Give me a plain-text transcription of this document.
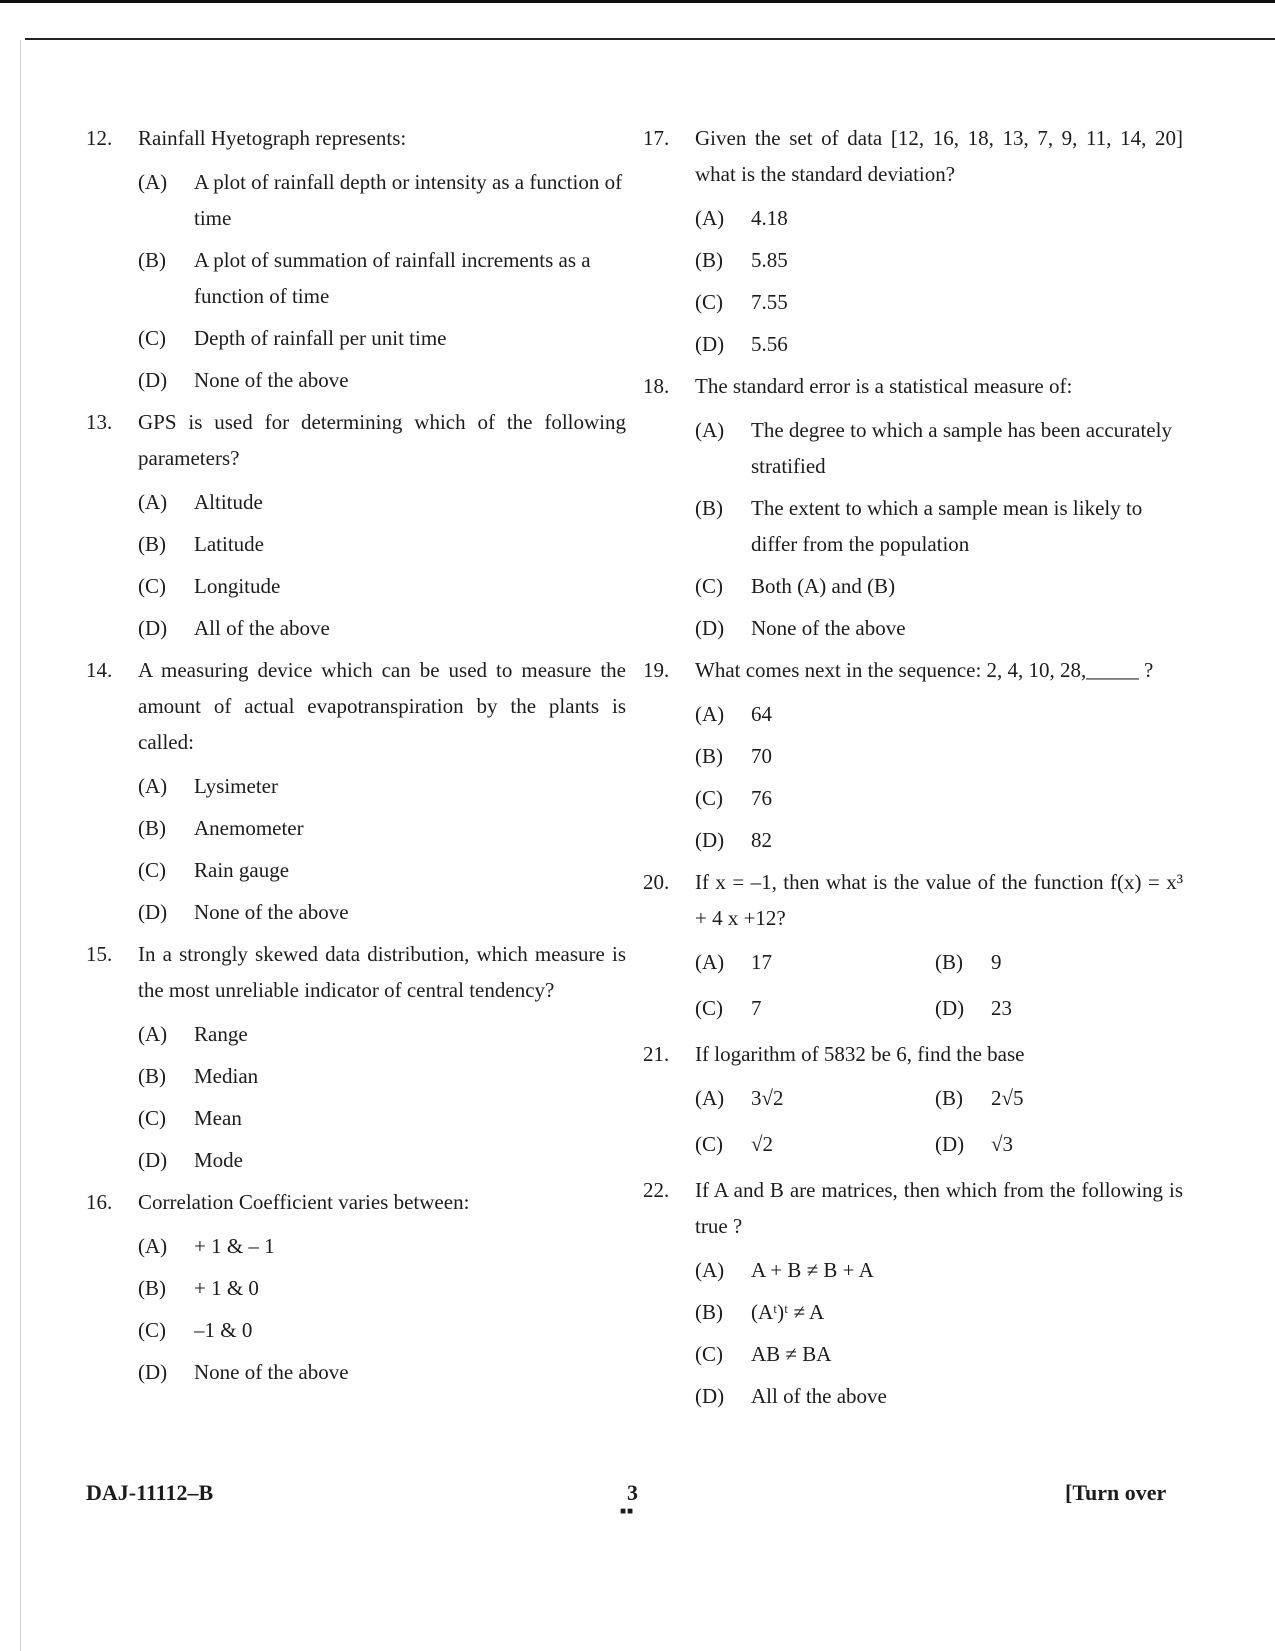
12.	Rainfall Hyetograph represents:
(A)	A plot of rainfall depth or intensity as a function of time
(B)	A plot of summation of rainfall increments as a function of time
(C)	Depth of rainfall per unit time
(D)	None of the above
13.	GPS is used for determining which of the following parameters?
(A)	Altitude
(B)	Latitude
(C)	Longitude
(D)	All of the above
14.	A measuring device which can be used to measure the amount of actual evapotranspiration by the plants is called:
(A)	Lysimeter
(B)	Anemometer
(C)	Rain gauge
(D)	None of the above
15.	In a strongly skewed data distribution, which measure is the most unreliable indicator of central tendency?
(A)	Range
(B)	Median
(C)	Mean
(D)	Mode
16.	Correlation Coefficient varies between:
(A)	+ 1 & – 1
(B)	+ 1 & 0
(C)	–1 & 0
(D)	None of the above
17.	Given the set of data [12, 16, 18, 13, 7, 9, 11, 14, 20] what is the standard deviation?
(A)	4.18
(B)	5.85
(C)	7.55
(D)	5.56
18.	The standard error is a statistical measure of:
(A)	The degree to which a sample has been accurately stratified
(B)	The extent to which a sample mean is likely to differ from the population
(C)	Both (A) and (B)
(D)	None of the above
19.	What comes next in the sequence: 2, 4, 10, 28,_____ ?
(A)	64
(B)	70
(C)	76
(D)	82
20.	If x = –1, then what is the value of the function f(x) = x³ + 4 x +12?
(A)	17	(B)	9
(C)	7	(D)	23
21.	If logarithm of 5832 be 6, find the base
(A)	3√2	(B)	2√5
(C)	√2	(D)	√3
22.	If A and B are matrices, then which from the following is true ?
(A)	A + B ≠ B + A
(B)	(Aᵗ)ᵗ ≠ A
(C)	AB ≠ BA
(D)	All of the above
DAJ-11112–B	3
■■
[Turn over
